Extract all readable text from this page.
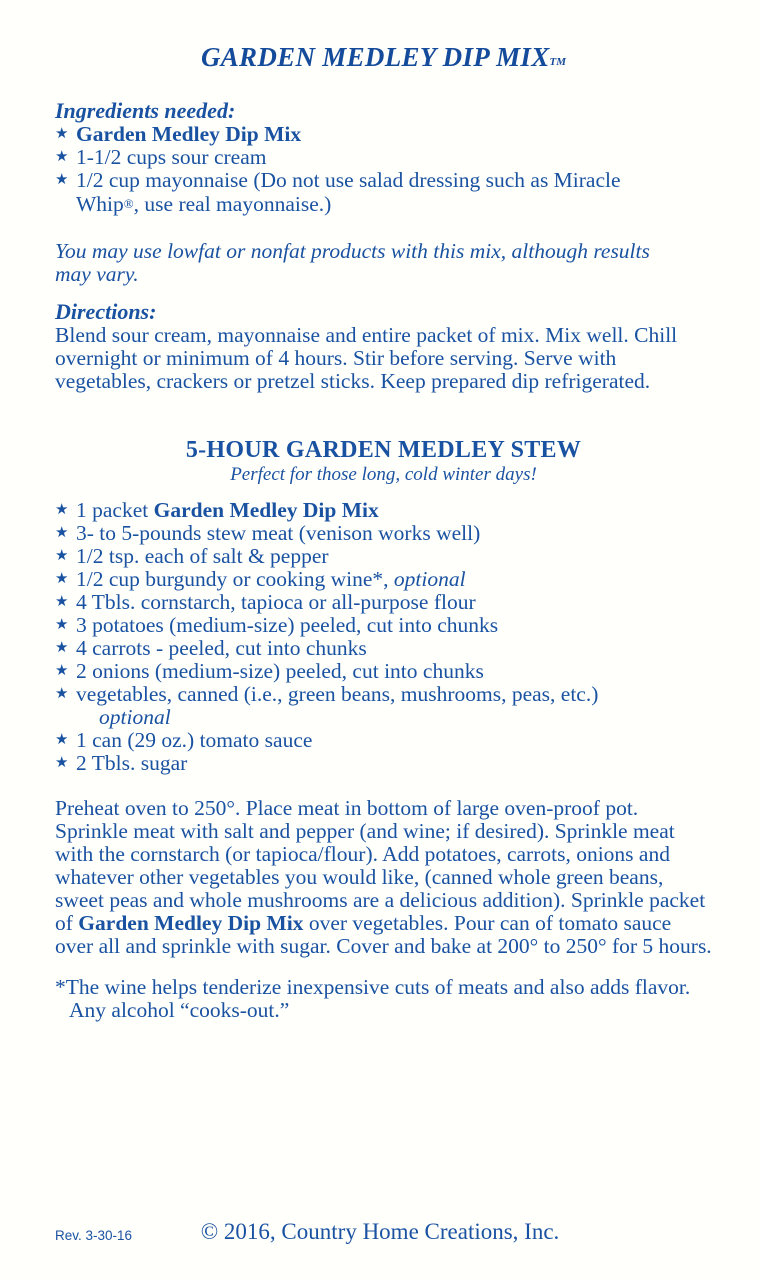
GARDEN MEDLEY DIP MIXTM
Ingredients needed:
★ Garden Medley Dip Mix
★ 1-1/2 cups sour cream
★ 1/2 cup mayonnaise (Do not use salad dressing such as Miracle Whip®, use real mayonnaise.)
You may use lowfat or nonfat products with this mix, although results may vary.
Directions:
Blend sour cream, mayonnaise and entire packet of mix. Mix well. Chill overnight or minimum of 4 hours. Stir before serving. Serve with vegetables, crackers or pretzel sticks. Keep prepared dip refrigerated.
5-HOUR GARDEN MEDLEY STEW
Perfect for those long, cold winter days!
★ 1 packet Garden Medley Dip Mix
★ 3- to 5-pounds stew meat (venison works well)
★ 1/2 tsp. each of salt & pepper
★ 1/2 cup burgundy or cooking wine*, optional
★ 4 Tbls. cornstarch, tapioca or all-purpose flour
★ 3 potatoes (medium-size) peeled, cut into chunks
★ 4 carrots - peeled, cut into chunks
★ 2 onions (medium-size) peeled, cut into chunks
★ vegetables, canned (i.e., green beans, mushrooms, peas, etc.)
optional
★ 1 can (29 oz.) tomato sauce
★ 2 Tbls. sugar
Preheat oven to 250°. Place meat in bottom of large oven-proof pot. Sprinkle meat with salt and pepper (and wine; if desired). Sprinkle meat with the cornstarch (or tapioca/flour). Add potatoes, carrots, onions and whatever other vegetables you would like, (canned whole green beans, sweet peas and whole mushrooms are a delicious addition). Sprinkle packet of Garden Medley Dip Mix over vegetables. Pour can of tomato sauce over all and sprinkle with sugar. Cover and bake at 200° to 250° for 5 hours.
*The wine helps tenderize inexpensive cuts of meats and also adds flavor. Any alcohol “cooks-out.”
Rev. 3-30-16	© 2016, Country Home Creations, Inc.
